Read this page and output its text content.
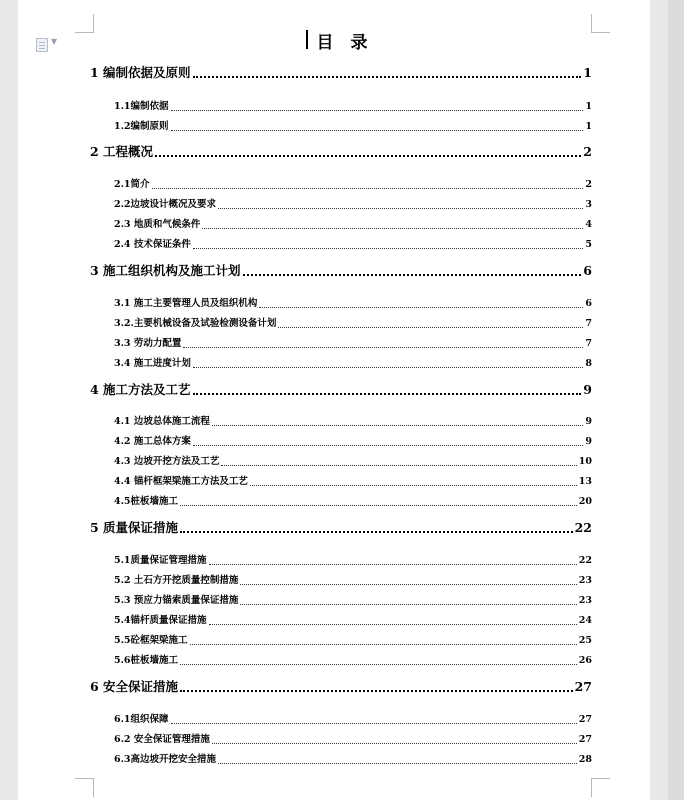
▼	目　录
1 编制依据及原则	1
1.1编制依据	1
1.2编制原则	1
2 工程概况	2
2.1简介	2
2.2边坡设计概况及要求	3
2.3 地质和气候条件	4
2.4 技术保证条件	5
3 施工组织机构及施工计划	6
3.1 施工主要管理人员及组织机构	6
3.2.主要机械设备及试验检测设备计划	7
3.3 劳动力配置	7
3.4 施工进度计划	8
4 施工方法及工艺	9
4.1 边坡总体施工流程	9
4.2 施工总体方案	9
4.3 边坡开挖方法及工艺	10
4.4 锚杆框架梁施工方法及工艺	13
4.5桩板墙施工	20
5 质量保证措施	22
5.1质量保证管理措施	22
5.2 土石方开挖质量控制措施	23
5.3 预应力锚索质量保证措施	23
5.4锚杆质量保证措施	24
5.5砼框架梁施工	25
5.6桩板墙施工	26
6 安全保证措施	27
6.1组织保障	27
6.2 安全保证管理措施	27
6.3高边坡开挖安全措施	28
